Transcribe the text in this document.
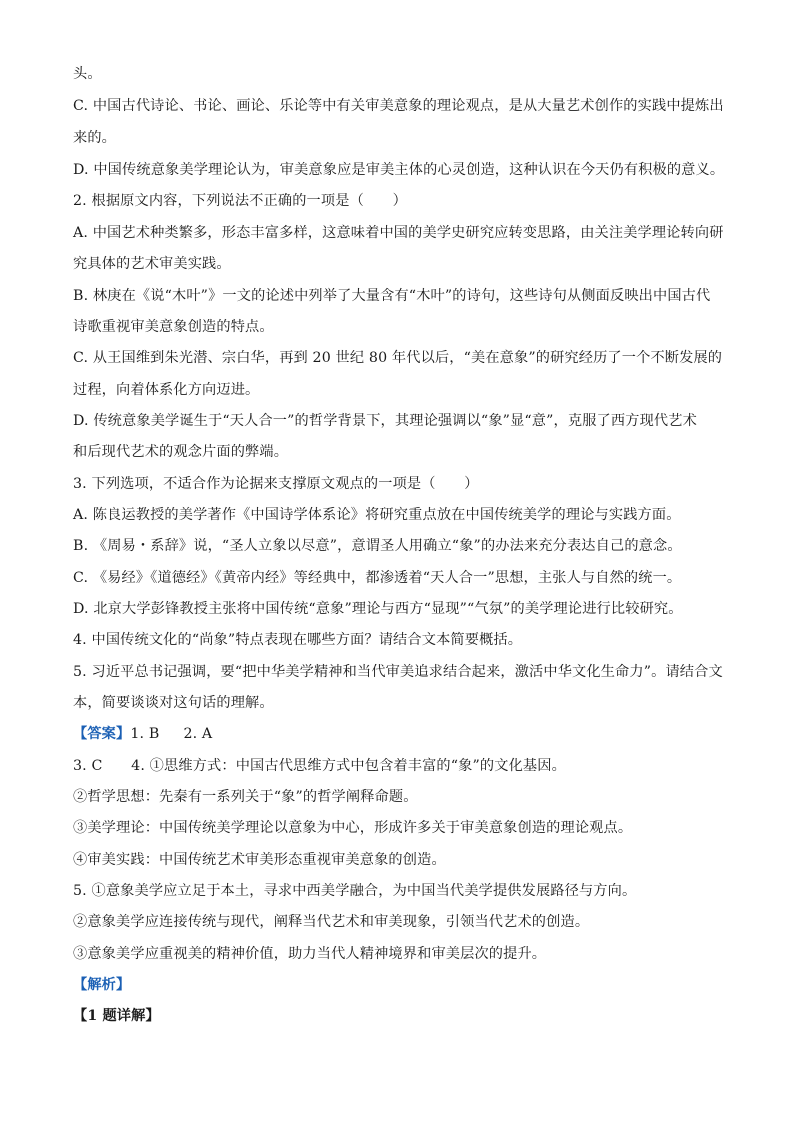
头。
C. 中国古代诗论、书论、画论、乐论等中有关审美意象的理论观点，是从大量艺术创作的实践中提炼出
来的。
D. 中国传统意象美学理论认为，审美意象应是审美主体的心灵创造，这种认识在今天仍有积极的意义。
2. 根据原文内容，下列说法不正确的一项是（　　）
A. 中国艺术种类繁多，形态丰富多样，这意味着中国的美学史研究应转变思路，由关注美学理论转向研
究具体的艺术审美实践。
B. 林庚在《说“木叶”》一文的论述中列举了大量含有“木叶”的诗句，这些诗句从侧面反映出中国古代
诗歌重视审美意象创造的特点。
C. 从王国维到朱光潜、宗白华，再到 20 世纪 80 年代以后，“美在意象”的研究经历了一个不断发展的
过程，向着体系化方向迈进。
D. 传统意象美学诞生于“天人合一”的哲学背景下，其理论强调以“象”显“意”，克服了西方现代艺术
和后现代艺术的观念片面的弊端。
3. 下列选项，不适合作为论据来支撑原文观点的一项是（　　）
A. 陈良运教授的美学著作《中国诗学体系论》将研究重点放在中国传统美学的理论与实践方面。
B. 《周易・系辞》说，“圣人立象以尽意”，意谓圣人用确立“象”的办法来充分表达自己的意念。
C. 《易经》《道德经》《黄帝内经》等经典中，都渗透着“天人合一”思想，主张人与自然的统一。
D. 北京大学彭锋教授主张将中国传统“意象”理论与西方“显现”“气氛”的美学理论进行比较研究。
4. 中国传统文化的“尚象”特点表现在哪些方面？请结合文本简要概括。
5. 习近平总书记强调，要“把中华美学精神和当代审美追求结合起来，激活中华文化生命力”。请结合文
本，简要谈谈对这句话的理解。
【答案】1. B 2. A
3. C　　4. ①思维方式：中国古代思维方式中包含着丰富的“象”的文化基因。
②哲学思想：先秦有一系列关于“象”的哲学阐释命题。
③美学理论：中国传统美学理论以意象为中心，形成许多关于审美意象创造的理论观点。
④审美实践：中国传统艺术审美形态重视审美意象的创造。
5. ①意象美学应立足于本土，寻求中西美学融合，为中国当代美学提供发展路径与方向。
②意象美学应连接传统与现代，阐释当代艺术和审美现象，引领当代艺术的创造。
③意象美学应重视美的精神价值，助力当代人精神境界和审美层次的提升。
【解析】
【1 题详解】
